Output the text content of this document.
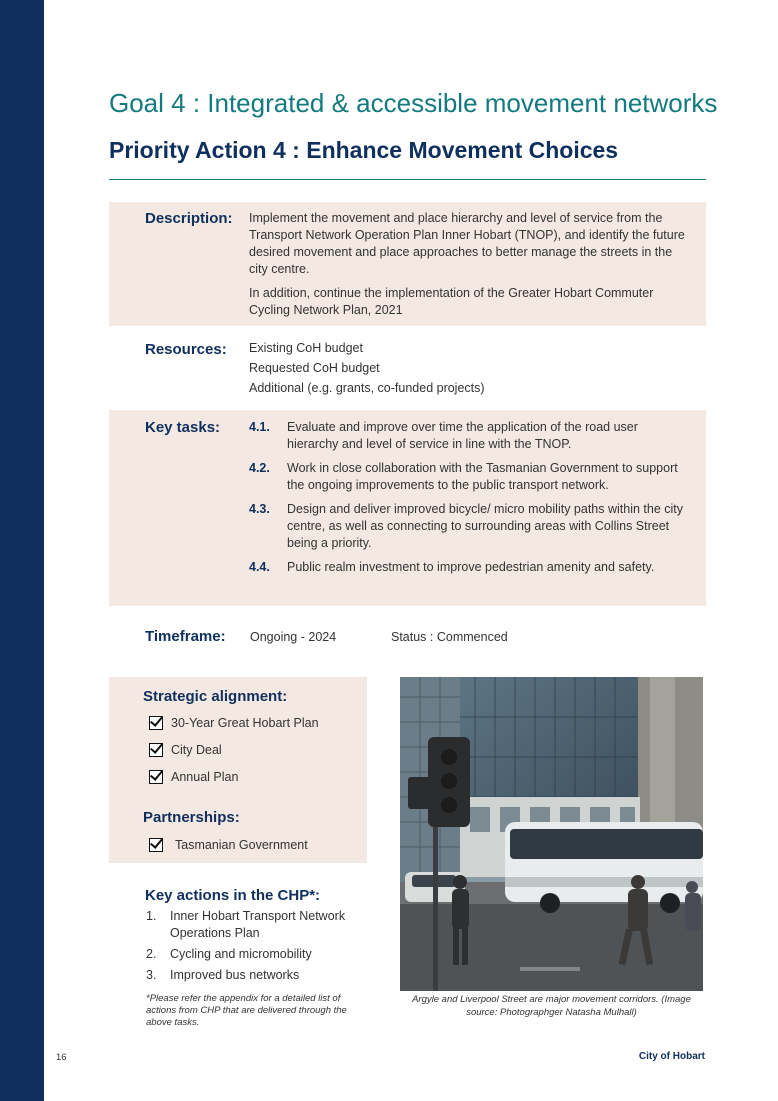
Goal 4 : Integrated & accessible movement networks
Priority Action 4 : Enhance Movement Choices
Description: Implement the movement and place hierarchy and level of service from the Transport Network Operation Plan Inner Hobart (TNOP), and identify the future desired movement and place approaches to better manage the streets in the city centre.

In addition, continue the implementation of the Greater Hobart Commuter Cycling Network Plan, 2021

Resources: Existing CoH budget
Requested CoH budget
Additional (e.g. grants, co-funded projects)
Key tasks: 4.1. Evaluate and improve over time the application of the road user hierarchy and level of service in line with the TNOP.
4.2. Work in close collaboration with the Tasmanian Government to support the ongoing improvements to the public transport network.
4.3. Design and deliver improved bicycle/ micro mobility paths within the city centre, as well as connecting to surrounding areas with Collins Street being a priority.
4.4. Public realm investment to improve pedestrian amenity and safety.
Timeframe: Ongoing - 2024	Status : Commenced
Strategic alignment:
30-Year Great Hobart Plan
City Deal
Annual Plan
Partnerships:
Tasmanian Government
Key actions in the CHP*:
1. Inner Hobart Transport Network Operations Plan
2. Cycling and micromobility
3. Improved bus networks
*Please refer the appendix for a detailed list of actions from CHP that are delivered through the above tasks.
Argyle and Liverpool Street are major movement corridors. (Image source: Photographger Natasha Mulhall)
16	City of Hobart
